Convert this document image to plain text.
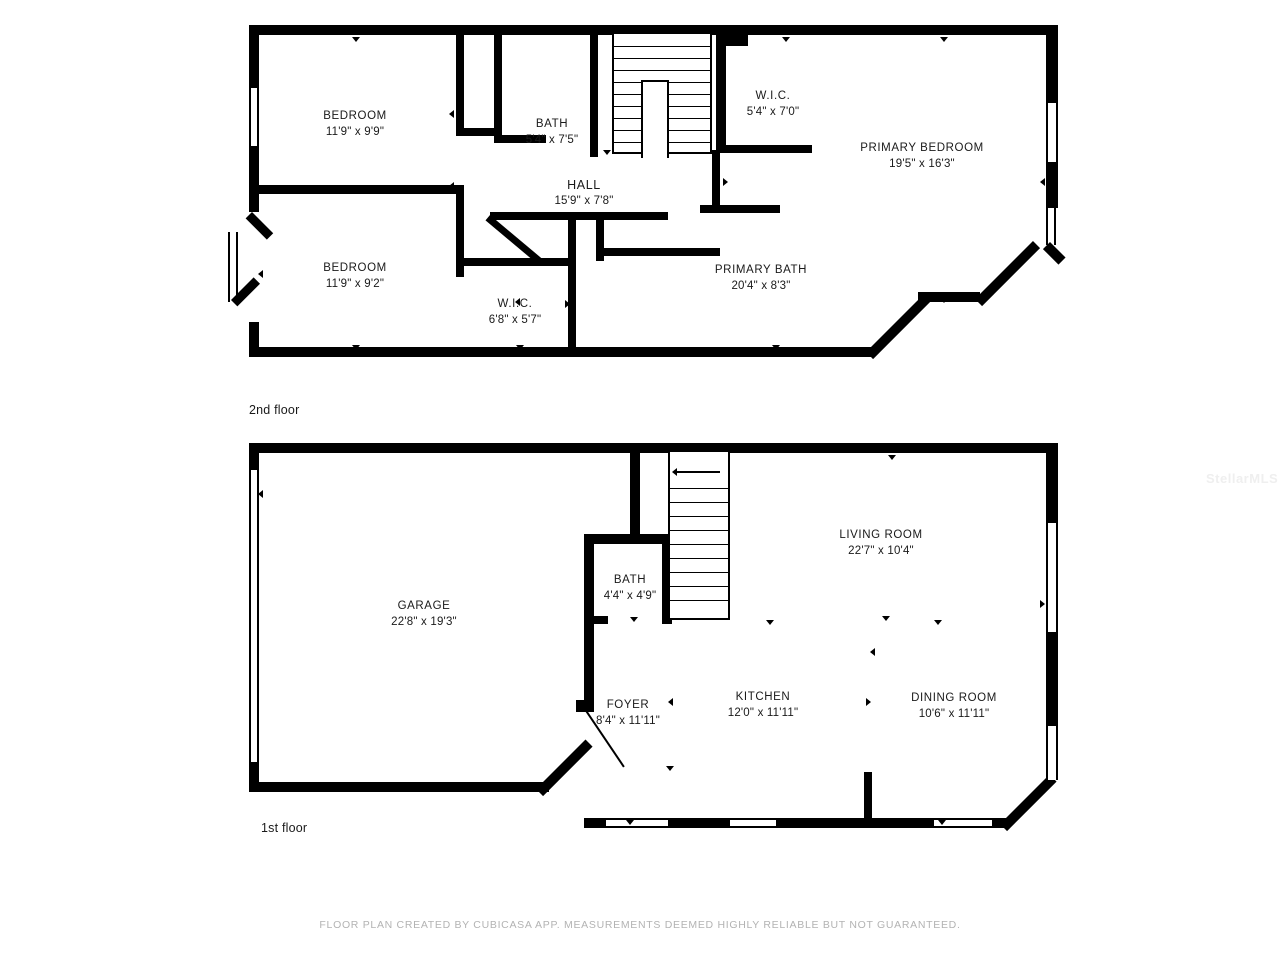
BEDROOM
11'9" x 9'9"
BATH
5'4" x 7'5"
W.I.C.
5'4" x 7'0"
PRIMARY BEDROOM
19'5" x 16'3"
HALL
15'9" x 7'8"
BEDROOM
11'9" x 9'2"
W.I.C.
6'8" x 5'7"
PRIMARY BATH
20'4" x 8'3"
2nd floor
GARAGE
22'8" x 19'3"
BATH
4'4" x 4'9"
LIVING ROOM
22'7" x 10'4"
FOYER
8'4" x 11'11"
KITCHEN
12'0" x 11'11"
DINING ROOM
10'6" x 11'11"
1st floor
StellarMLS
FLOOR PLAN CREATED BY CUBICASA APP. MEASUREMENTS DEEMED HIGHLY RELIABLE BUT NOT GUARANTEED.
